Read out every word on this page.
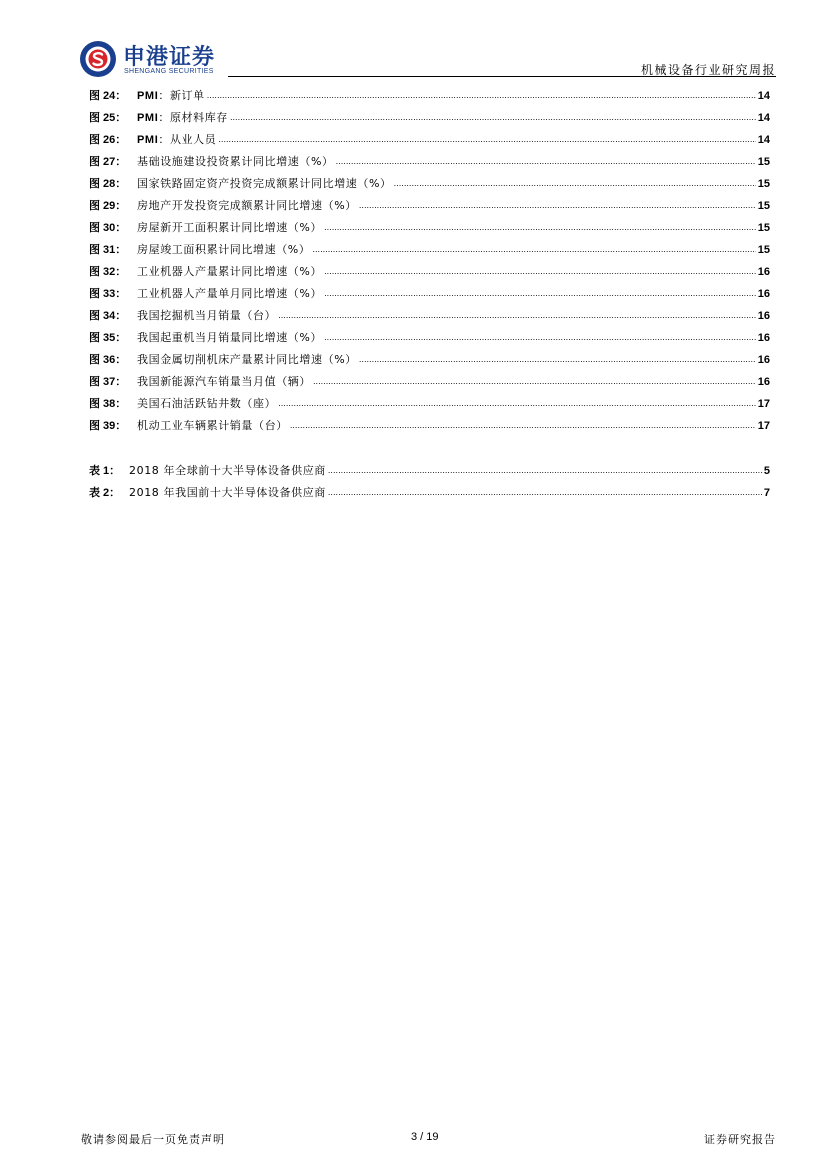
申港证券
SHENGANG SECURITIES	机械设备行业研究周报
图 24： PMI：新订单 .....	14
图 25： PMI：原材料库存 .....	14
图 26： PMI：从业人员 .....	14
图 27： 基础设施建设投资累计同比增速（%） .....	15
图 28： 国家铁路固定资产投资完成额累计同比增速（%） .....	15
图 29： 房地产开发投资完成额累计同比增速（%） .....	15
图 30： 房屋新开工面积累计同比增速（%） .....	15
图 31： 房屋竣工面积累计同比增速（%） .....	15
图 32： 工业机器人产量累计同比增速（%） .....	16
图 33： 工业机器人产量单月同比增速（%） .....	16
图 34： 我国挖掘机当月销量（台） .....	16
图 35： 我国起重机当月销量同比增速（%） .....	16
图 36： 我国金属切削机床产量累计同比增速（%） .....	16
图 37： 我国新能源汽车销量当月值（辆） .....	16
图 38： 美国石油活跃钻井数（座） .....	17
图 39： 机动工业车辆累计销量（台） .....	17
表 1： 2018 年全球前十大半导体设备供应商 .....	5
表 2： 2018 年我国前十大半导体设备供应商 .....	7
敬请参阅最后一页免责声明	3 / 19	证券研究报告
